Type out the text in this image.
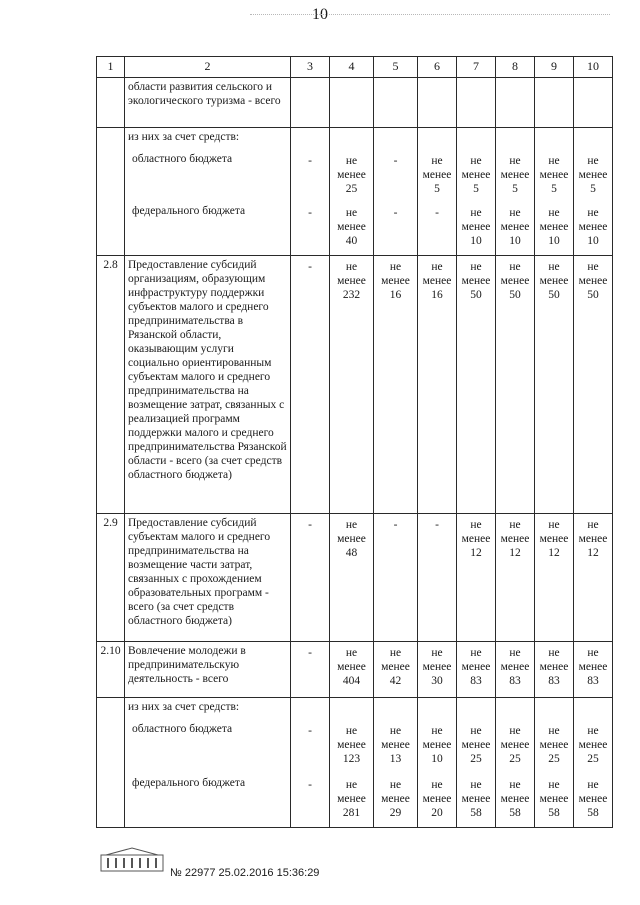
10
1	2	3	4	5	6	7	8	9	10
	области развития сельского и экологического туризма - всего								
	из них за счет средств:								
	областного бюджета	-	не менее 25	-	не менее 5	не менее 5	не менее 5	не менее 5	не менее 5
	федерального бюджета	-	не менее 40	-	-	не менее 10	не менее 10	не менее 10	не менее 10
2.8	Предоставление субсидий организациям, образующим инфраструктуру поддержки субъектов малого и среднего предпринимательства в Рязанской области, оказывающим услуги социально ориентированным субъектам малого и среднего предпринимательства на возмещение затрат, связанных с реализацией программ поддержки малого и среднего предпринимательства Рязанской области - всего (за счет средств областного бюджета)	-	не менее 232	не менее 16	не менее 16	не менее 50	не менее 50	не менее 50	не менее 50
2.9	Предоставление субсидий субъектам малого и среднего предпринимательства на возмещение части затрат, связанных с прохождением образовательных программ - всего (за счет средств областного бюджета)	-	не менее 48	-	-	не менее 12	не менее 12	не менее 12	не менее 12
2.10	Вовлечение молодежи в предпринимательскую деятельность - всего	-	не менее 404	не менее 42	не менее 30	не менее 83	не менее 83	не менее 83	не менее 83
	из них за счет средств:								
	областного бюджета	-	не менее 123	не менее 13	не менее 10	не менее 25	не менее 25	не менее 25	не менее 25
	федерального бюджета	-	не менее 281	не менее 29	не менее 20	не менее 58	не менее 58	не менее 58	не менее 58
№ 22977 25.02.2016 15:36:29
